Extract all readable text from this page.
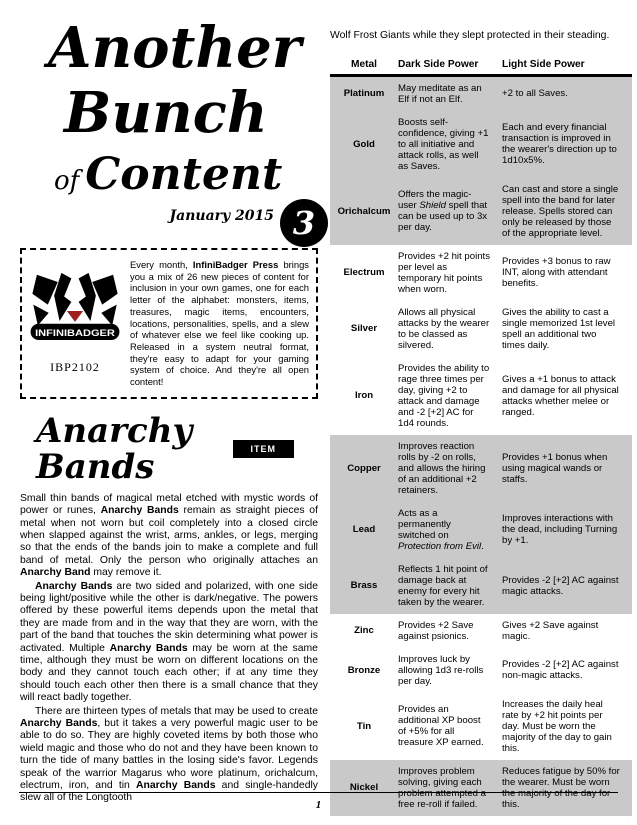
Another
Bunch
of Content
January 2015 3
INFINIBADGER
IBP2102
Every month, InfiniBadger Press brings you a mix of 26 new pieces of content for inclusion in your own games, one for each letter of the alphabet: monsters, items, treasures, magic items, encounters, locations, personalities, spells, and a slew of whatever else we feel like cooking up. Released in a system neutral format, they're easy to adapt for your gaming system of choice. And they're all open content!
Anarchy Bands	ITEM

Small thin bands of magical metal etched with mystic words of power or runes, Anarchy Bands remain as straight pieces of metal when not worn but coil completely into a closed circle when slapped against the wrist, arms, ankles, or legs, merging so that the ends of the bands join to make a complete and full band of metal. Only the person who originally attaches an Anarchy Band may remove it.

Anarchy Bands are two sided and polarized, with one side being light/positive while the other is dark/negative. The powers offered by these powerful items depends upon the metal that they are made from and in the way that they are worn, with the part of the band that touches the skin determining what power is activated. Multiple Anarchy Bands may be worn at the same time, although they must be worn on different locations on the body and they cannot touch each other; if at any time they should touch each other then there is a small chance that they will react badly together.

There are thirteen types of metals that may be used to create Anarchy Bands, but it takes a very powerful magic user to be able to do so. They are highly coveted items by both those who wield magic and those who do not and they have been known to turn the tide of many battles in the losing side's favor. Legends speak of the warrior Magarus who wore platinum, orichalcum, electrum, iron, and tin Anarchy Bands and single-handedly slew all of the Longtooth

Wolf Frost Giants while they slept protected in their steading.

Metal	Dark Side Power	Light Side Power
Platinum	May meditate as an Elf if not an Elf.	+2 to all Saves.
Gold	Boosts self-confidence, giving +1 to all initiative and attack rolls, as well as Saves.	Each and every financial transaction is improved in the wearer's direction up to 1d10x5%.
Orichalcum	Offers the magic-user Shield spell that can be used up to 3x per day.	Can cast and store a single spell into the band for later release. Spells stored can only be released by those of the appropriate level.
Electrum	Provides +2 hit points per level as temporary hit points when worn.	Provides +3 bonus to raw INT, along with attendant benefits.
Silver	Allows all physical attacks by the wearer to be classed as silvered.	Gives the ability to cast a single memorized 1st level spell an additional two times daily.
Iron	Provides the ability to rage three times per day, giving +2 to attack and damage and -2 [+2] AC for 1d4 rounds.	Gives a +1 bonus to attack and damage for all physical attacks whether melee or ranged.
Copper	Improves reaction rolls by -2 on rolls, and allows the hiring of an additional +2 retainers.	Provides +1 bonus when using magical wands or staffs.
Lead	Acts as a permanently switched on Protection from Evil.	Improves interactions with the dead, including Turning by +1.
Brass	Reflects 1 hit point of damage back at enemy for every hit taken by the wearer.	Provides -2 [+2] AC against magic attacks.
Zinc	Provides +2 Save against psionics.	Gives +2 Save against magic.
Bronze	Improves luck by allowing 1d3 re-rolls per day.	Provides -2 [+2] AC against non-magic attacks.
Tin	Provides an additional XP boost of +5% for all treasure XP earned.	Increases the daily heal rate by +2 hit points per day. Must be worn the majority of the day to gain this.
Nickel	Improves problem solving, giving each problem attempted a free re-roll if failed.	Reduces fatigue by 50% for the wearer. Must be worn the majority of the day for this.
1
